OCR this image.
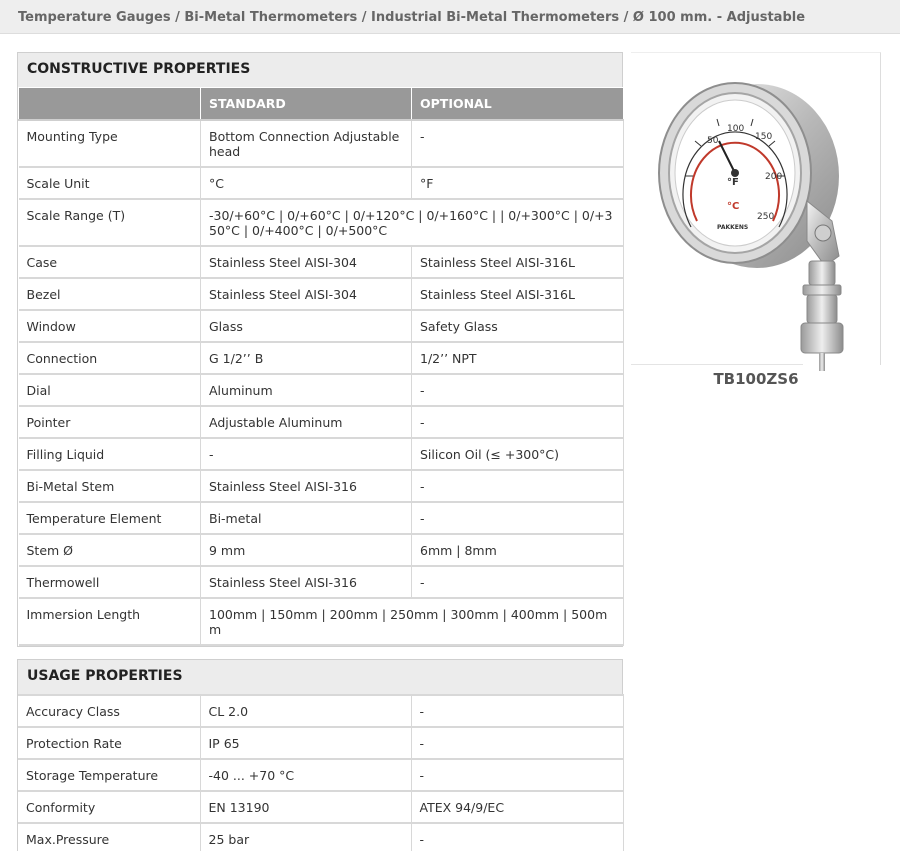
Temperature Gauges / Bi-Metal Thermometers / Industrial Bi-Metal Thermometers / Ø 100 mm. - Adjustable
CONSTRUCTIVE PROPERTIES
	STANDARD	OPTIONAL
Mounting Type	Bottom Connection Adjustable head	-
Scale Unit	°C	°F
Scale Range (T)	-30/+60°C | 0/+60°C | 0/+120°C | 0/+160°C | | 0/+300°C | 0/+350°C | 0/+400°C | 0/+500°C	
Case	Stainless Steel AISI-304	Stainless Steel AISI-316L
Bezel	Stainless Steel AISI-304	Stainless Steel AISI-316L
Window	Glass	Safety Glass
Connection	G 1/2’’ B	1/2’’ NPT
Dial	Aluminum	-
Pointer	Adjustable Aluminum	-
Filling Liquid	-	Silicon Oil (≤ +300°C)
Bi-Metal Stem	Stainless Steel AISI-316	-
Temperature Element	Bi-metal	-
Stem Ø	9 mm	6mm | 8mm
Thermowell	Stainless Steel AISI-316	-
Immersion Length	100mm | 150mm | 200mm | 250mm | 300mm | 400mm | 500mm	
USAGE PROPERTIES
Accuracy Class	CL 2.0	-
Protection Rate	IP 65	-
Storage Temperature	-40 ... +70 °C	-
Conformity	EN 13190	ATEX 94/9/EC
Max.Pressure	25 bar	-
50
100
150
200
250
°F
°C
PAKKENS
TB100ZS6
